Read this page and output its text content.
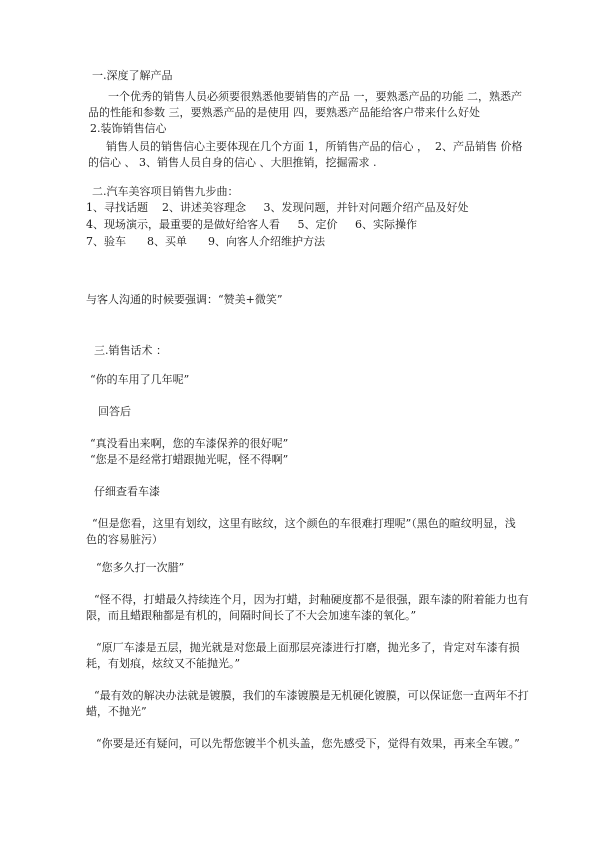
一.深度了解产品
一个优秀的销售人员必须要很熟悉他要销售的产品 一，要熟悉产品的功能 二，熟悉产
品的性能和参数 三，要熟悉产品的是使用 四，要熟悉产品能给客户带来什么好处
2.装饰销售信心
销售人员的销售信心主要体现在几个方面 1，所销售产品的信心 ，  2、产品销售 价格
的信心 、 3、销售人员自身的信心 、大胆推销，挖掘需求 .
二.汽车美容项目销售九步曲：
1、寻找话题    2、讲述美容理念     3、发现问题，并针对问题介绍产品及好处
4、现场演示，最重要的是做好给客人看     5、定价     6、实际操作
7、验车      8、买单      9、向客人介绍维护方法
与客人沟通的时候要强调：“赞美+微笑”
三.销售话术 ：
“你的车用了几年呢”
回答后
“真没看出来啊，您的车漆保养的很好呢”
“您是不是经常打蜡跟抛光呢，怪不得啊”
仔细查看车漆
“但是您看，这里有划纹，这里有眩纹，这个颜色的车很难打理呢”（黑色的暄纹明显，浅
色的容易脏污）
“您多久打一次腊”
“怪不得，打蜡最久持续连个月，因为打蜡，封釉硬度都不是很强，跟车漆的附着能力也有
限，而且蜡跟釉都是有机的，间隔时间长了不大会加速车漆的氧化。”
“原厂车漆是五层，抛光就是对您最上面那层亮漆进行打磨，抛光多了，肯定对车漆有损
耗，有划痕，炫纹又不能抛光。”
“最有效的解决办法就是镀膜，我们的车漆镀膜是无机硬化镀膜，可以保证您一直两年不打
蜡，不抛光”
“你要是还有疑问，可以先帮您镀半个机头盖，您先感受下，觉得有效果，再来全车镀。”
